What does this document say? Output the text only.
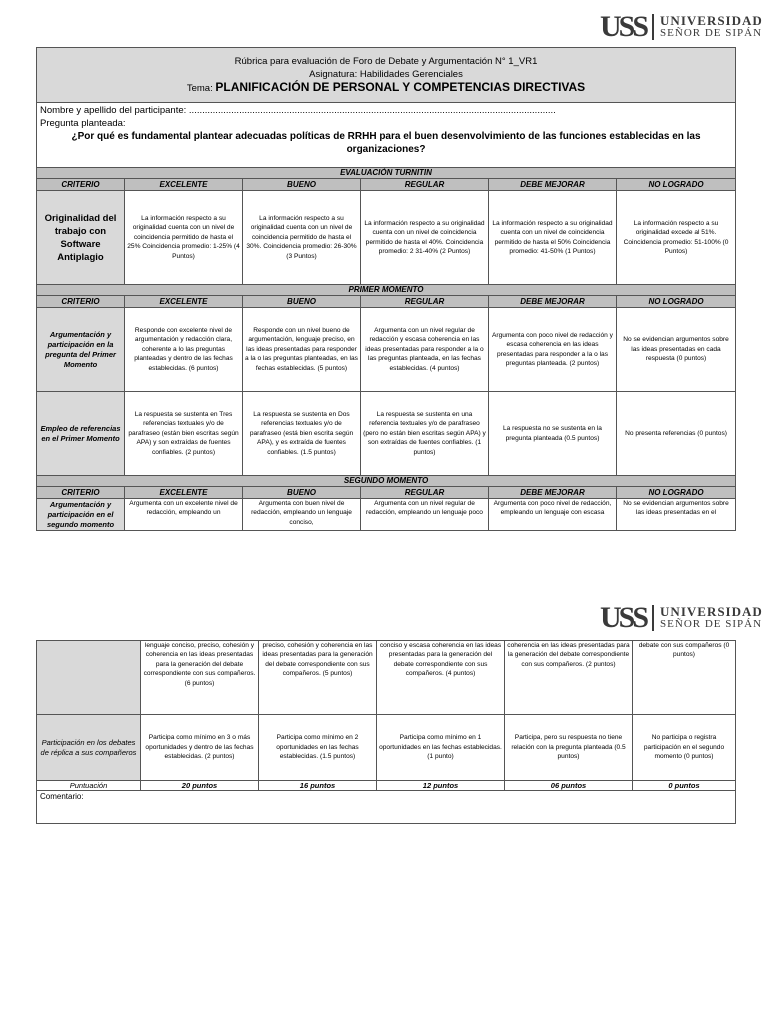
USS UNIVERSIDAD
SEÑOR DE SIPÁN
Rúbrica para evaluación de Foro de Debate y Argumentación N° 1_VR1
Asignatura: Habilidades Gerenciales
Tema: PLANIFICACIÓN DE PERSONAL Y COMPETENCIAS DIRECTIVAS					

Nombre y apellido del participante: ...........................................................................................................................................
Pregunta planteada:
¿Por qué es fundamental plantear adecuadas políticas de RRHH para el buen desenvolvimiento de las funciones establecidas en las organizaciones?					

EVALUACIÓN TURNITIN					
CRITERIO	EXCELENTE	BUENO	REGULAR	DEBE MEJORAR	NO LOGRADO
Originalidad del trabajo con Software Antiplagio	La información respecto a su originalidad cuenta con un nivel de coincidencia permitido de hasta el 25% Coincidencia promedio: 1-25% (4 Puntos)	La información respecto a su originalidad cuenta con un nivel de coincidencia permitido de hasta el 30%. Coincidencia promedio: 26-30% (3 Puntos)	La información respecto a su originalidad cuenta con un nivel de coincidencia permitido de hasta el 40%. Coincidencia promedio: 2 31-40% (2 Puntos)	La información respecto a su originalidad cuenta con un nivel de coincidencia permitido de hasta el 50% Coincidencia promedio: 41-50% (1 Puntos)	La información respecto a su originalidad excede al 51%. Coincidencia promedio: 51-100% (0 Puntos)
PRIMER MOMENTO					
CRITERIO	EXCELENTE	BUENO	REGULAR	DEBE MEJORAR	NO LOGRADO
Argumentación y participación en la pregunta del Primer Momento	Responde con excelente nivel de argumentación y redacción clara, coherente a lo las preguntas planteadas y dentro de las fechas establecidas. (6 puntos)	Responde con un nivel bueno de argumentación, lenguaje preciso, en las ideas presentadas para responder a la o las preguntas planteadas, en las fechas establecidas. (5 puntos)	Argumenta con un nivel regular de redacción y escasa coherencia en las ideas presentadas para responder a la o las preguntas planteada, en las fechas establecidas. (4 puntos)	Argumenta con poco nivel de redacción y escasa coherencia en las ideas presentadas para responder a la o las preguntas planteada. (2 puntos)	No se evidencian argumentos sobre las ideas presentadas en cada respuesta (0 puntos)
Empleo de referencias en el Primer Momento	La respuesta se sustenta en Tres referencias textuales y/o de parafraseo (están bien escritas según APA) y son extraídas de fuentes confiables. (2 puntos)	La respuesta se sustenta en Dos referencias textuales y/o de parafraseo (está bien escrita según APA), y es extraída de fuentes confiables. (1.5 puntos)	La respuesta se sustenta en una referencia textuales y/o de parafraseo (pero no están bien escritas según APA) y son extraídas de fuentes confiables. (1 puntos)	La respuesta no se sustenta en la pregunta planteada (0.5 puntos)	No presenta referencias (0 puntos)
SEGUNDO MOMENTO					
CRITERIO	EXCELENTE	BUENO	REGULAR	DEBE MEJORAR	NO LOGRADO
Argumentación y participación en el segundo momento	Argumenta con un excelente nivel de redacción, empleando un	Argumenta con buen nivel de redacción, empleando un lenguaje conciso,	Argumenta con un nivel regular de redacción, empleando un lenguaje poco	Argumenta con poco nivel de redacción, empleando un lenguaje con escasa	No se evidencian argumentos sobre las ideas presentadas en el
USS UNIVERSIDAD
SEÑOR DE SIPÁN
	lenguaje conciso, preciso, cohesión y coherencia en las ideas presentadas para la generación del debate correspondiente con sus compañeros. (6 puntos)	preciso, cohesión y coherencia en las ideas presentadas para la generación del debate correspondiente con sus compañeros. (5 puntos)	conciso y escasa coherencia en las ideas presentadas para la generación del debate correspondiente con sus compañeros. (4 puntos)	coherencia en las ideas presentadas para la generación del debate correspondiente con sus compañeros. (2 puntos)	debate con sus compañeros (0 puntos)
Participación en los debates de réplica a sus compañeros	Participa como mínimo en 3 o más oportunidades y dentro de las fechas establecidas. (2 puntos)	Participa como mínimo en 2 oportunidades en las fechas establecidas. (1.5 puntos)	Participa como mínimo en 1 oportunidades en las fechas establecidas. (1 punto)	Participa, pero su respuesta no tiene relación con la pregunta planteada (0.5 puntos)	No participa o registra participación en el segundo momento (0 puntos)
Puntuación	20 puntos	16 puntos	12 puntos	06 puntos	0 puntos
Comentario:					
